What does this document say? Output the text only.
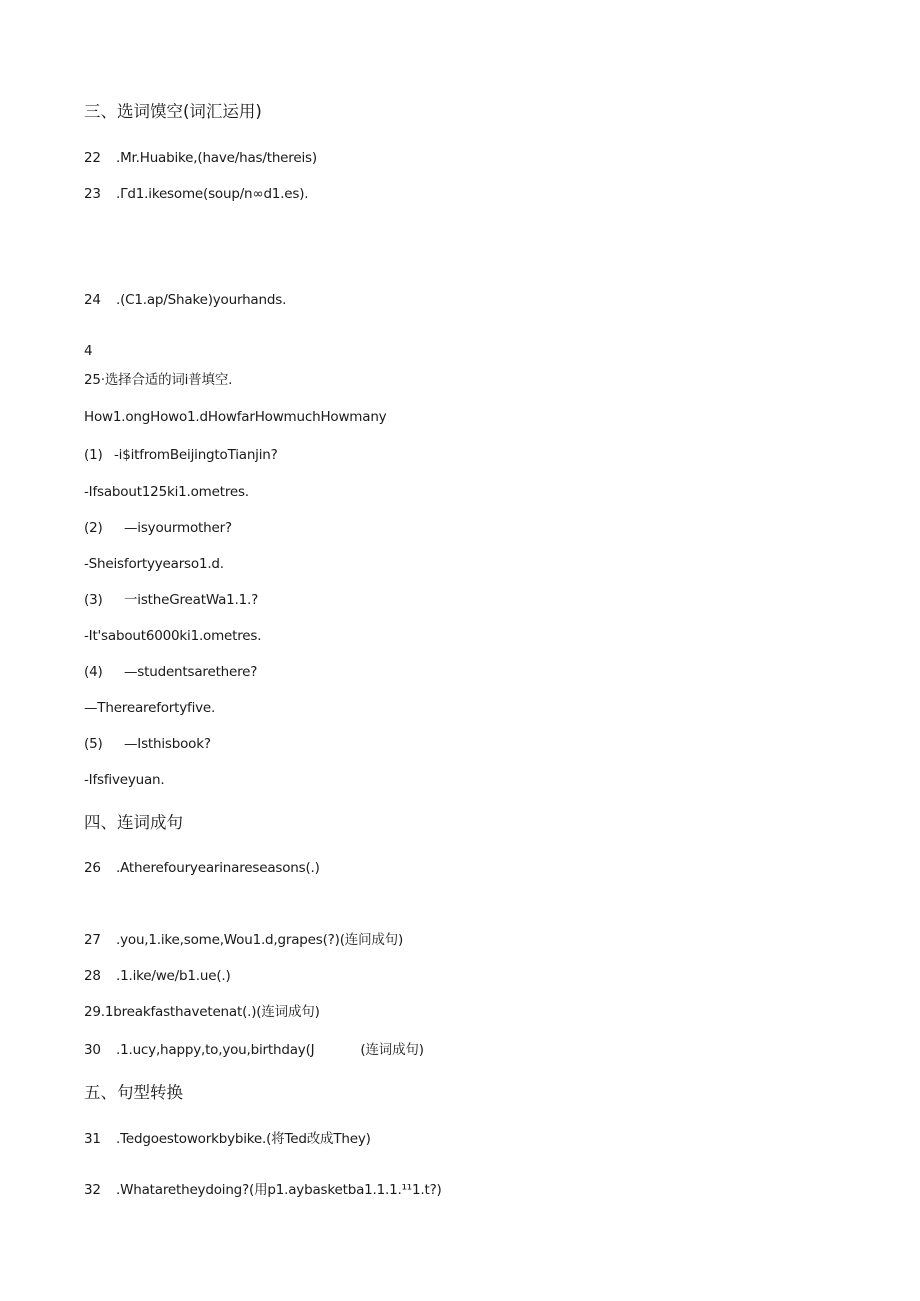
三、选词馍空(词汇运用)
22 .Mr.Huabike,(have/has/thereis)
23 .Γd1.ikesome(soup/n∞d1.es).
24 .(C1.ap/Shake)yourhands.
4
25·选择合适的词i普填空.
How1.ongHowo1.dHowfarHowmuchHowmany
(1) -i$itfromBeijingtoTianjin?
-Ifsabout125ki1.ometres.
(2) —isyourmother?
-Sheisfortyyearso1.d.
(3) 一istheGreatWa1.1.?
-It'sabout6000ki1.ometres.
(4) —studentsarethere?
—Therearefortyfive.
(5) —Isthisbook?
-Ifsfiveyuan.
四、连词成句
26 .Atherefouryearinareseasons(.)
27 .you,1.ike,some,Wou1.d,grapes(?)(连问成句)
28 .1.ike/we∕b1.ue(.)
29.1breakfasthavetenat(.)(连词成句)
30 .1.ucy,happy,to,you,birthday(J	(连词成句)
五、句型转换
31 .Tedgoestoworkbybike.(将Ted改成They)
32 .Whataretheydoing?(用p1.aybasketba1.1.1.¹¹1.t?)
